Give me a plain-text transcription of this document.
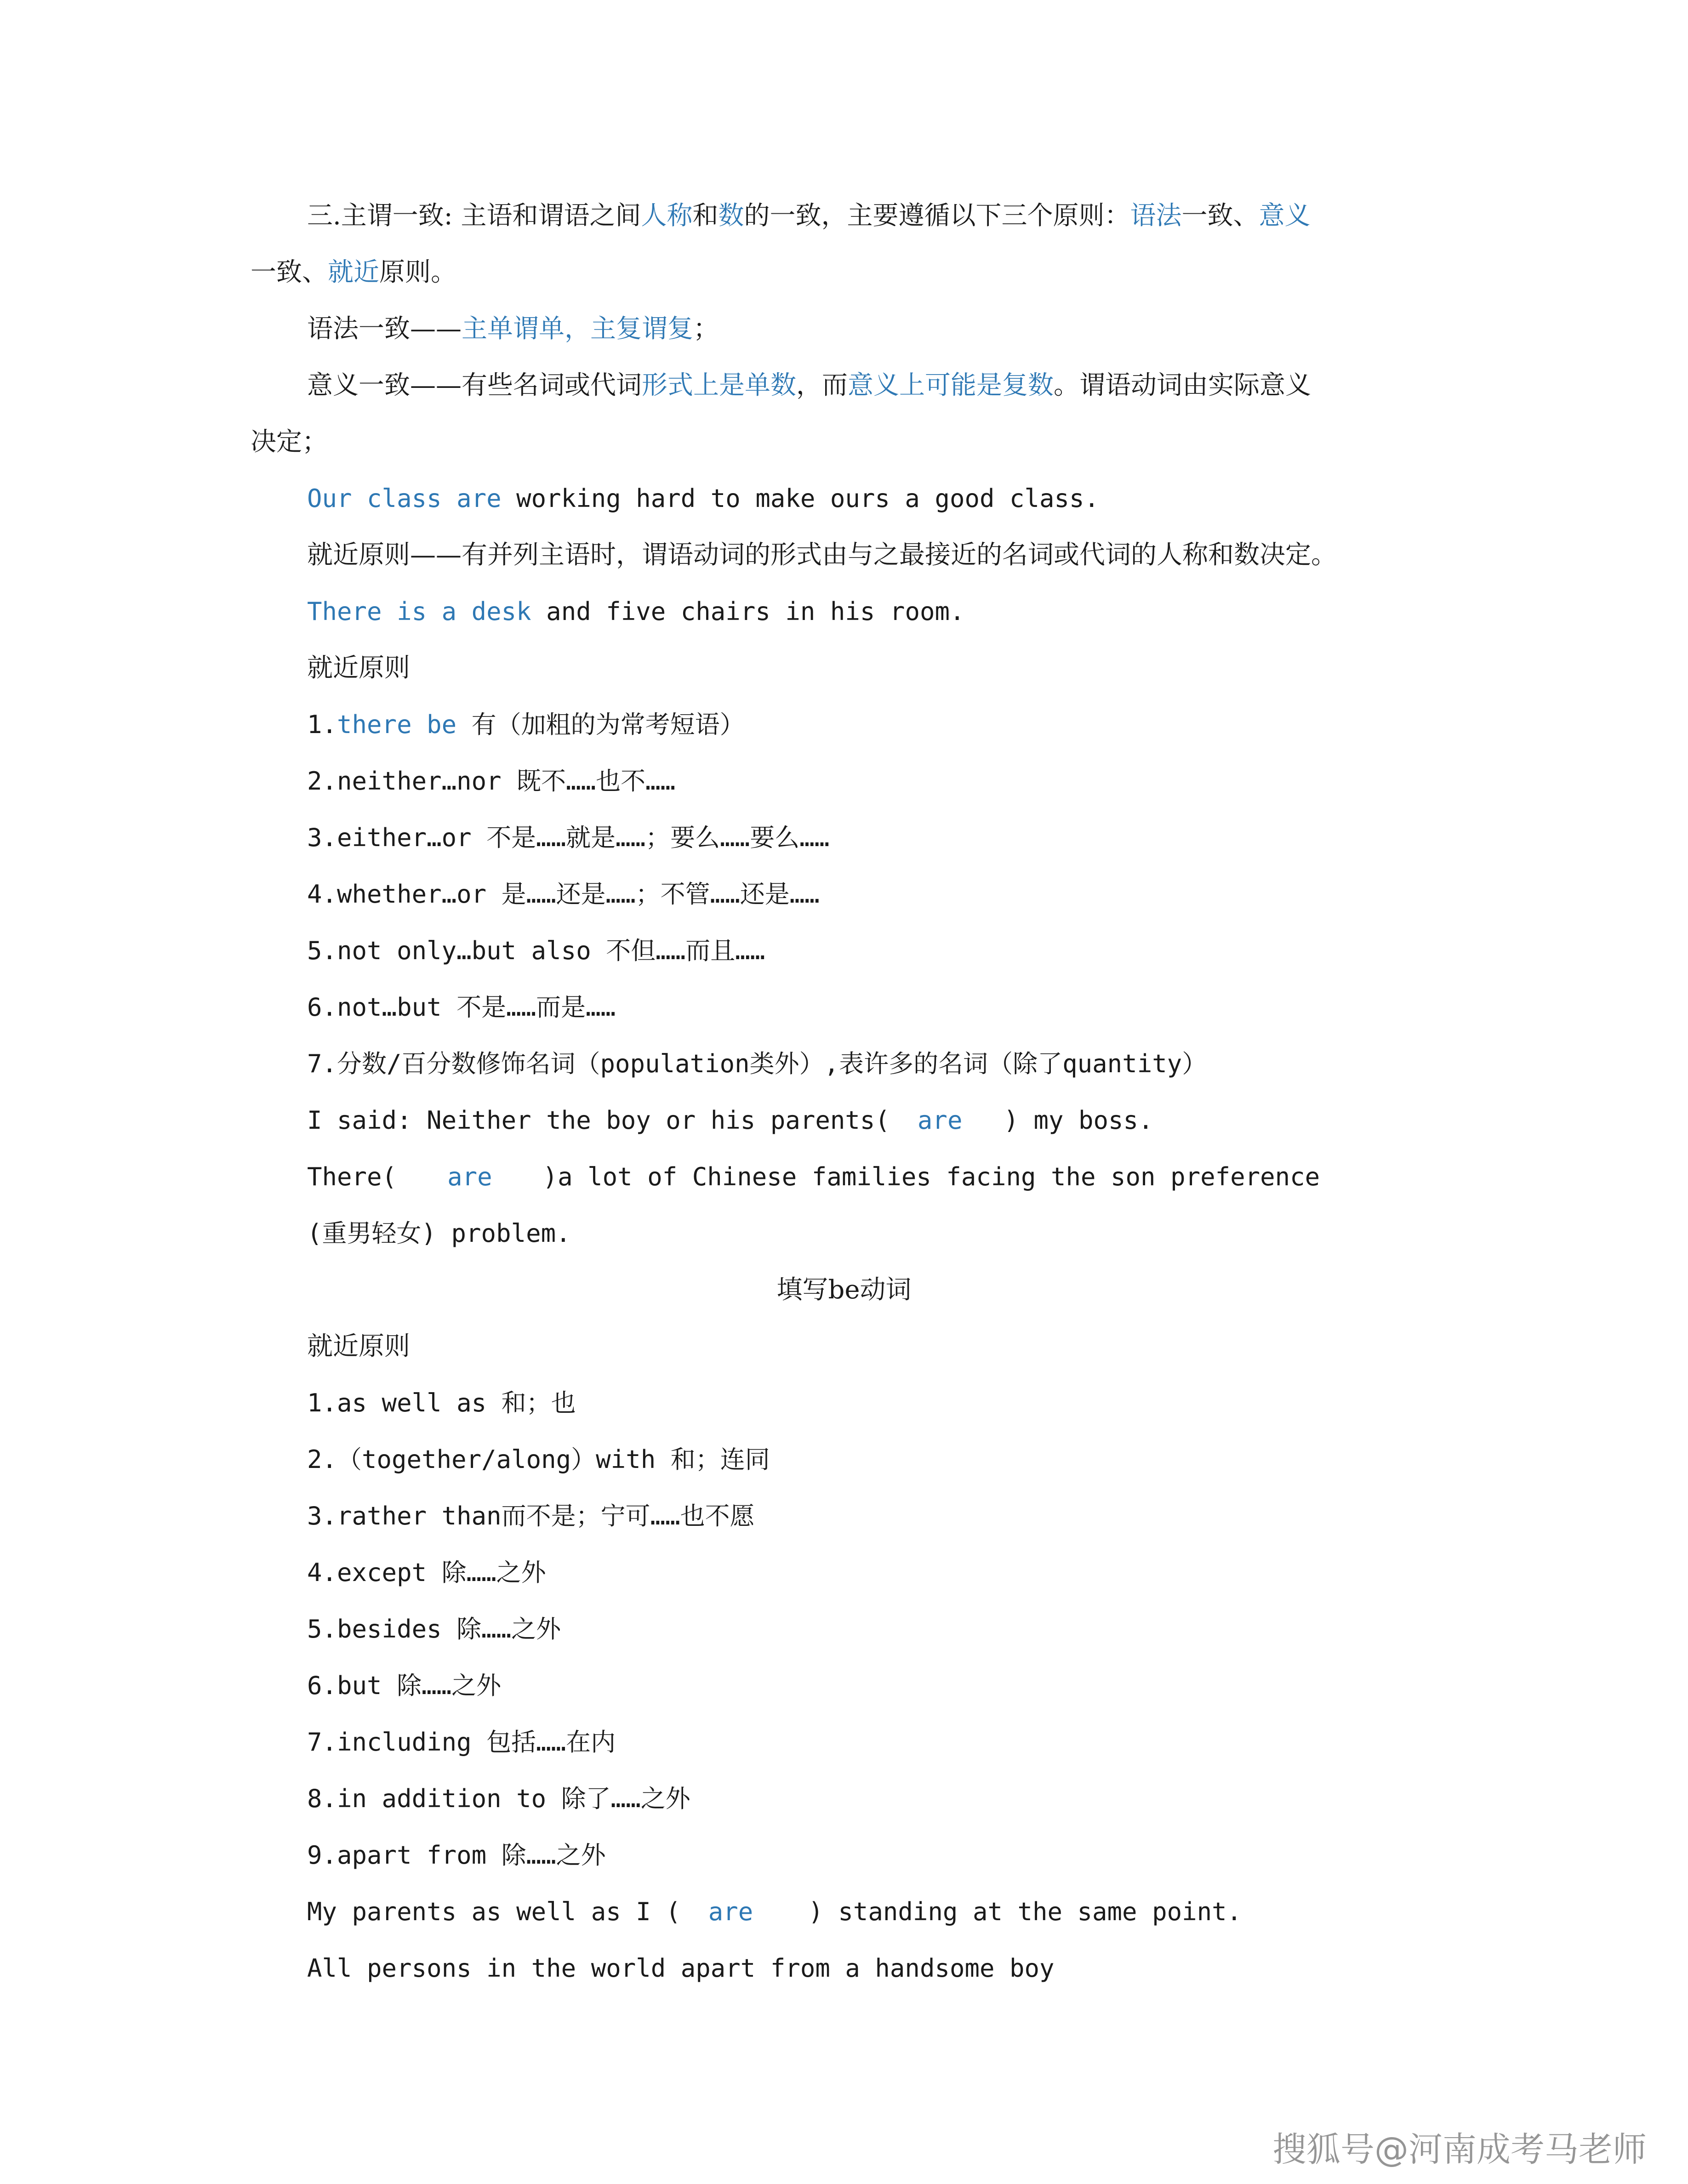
三.主谓一致: 主语和谓语之间人称和数的一致，主要遵循以下三个原则：语法一致、意义
一致、就近原则。
语法一致——主单谓单，主复谓复；
意义一致——有些名词或代词形式上是单数，而意义上可能是复数。谓语动词由实际意义
决定；
Our class are working hard to make ours a good class.
就近原则——有并列主语时，谓语动词的形式由与之最接近的名词或代词的人称和数决定。
There is a desk and five chairs in his room.
就近原则
1.there be 有（加粗的为常考短语）
2.neither…nor 既不……也不……
3.either…or 不是……就是……；要么……要么……
4.whether…or 是……还是……；不管……还是……
5.not only…but also 不但……而且……
6.not…but 不是……而是……
7.分数/百分数修饰名词（population类外）,表许多的名词（除了quantity）
I said: Neither the boy or his parents( are ) my boss.
There( are )a lot of Chinese families facing the son preference
(重男轻女) problem.
填写be动词
就近原则
1.as well as 和；也
2.（together/along）with 和；连同
3.rather than而不是；宁可……也不愿
4.except 除……之外
5.besides 除……之外
6.but 除……之外
7.including 包括……在内
8.in addition to 除了……之外
9.apart from 除……之外
My parents as well as I ( are ) standing at the same point.
All persons in the world apart from a handsome boy
搜狐号@河南成考马老师
